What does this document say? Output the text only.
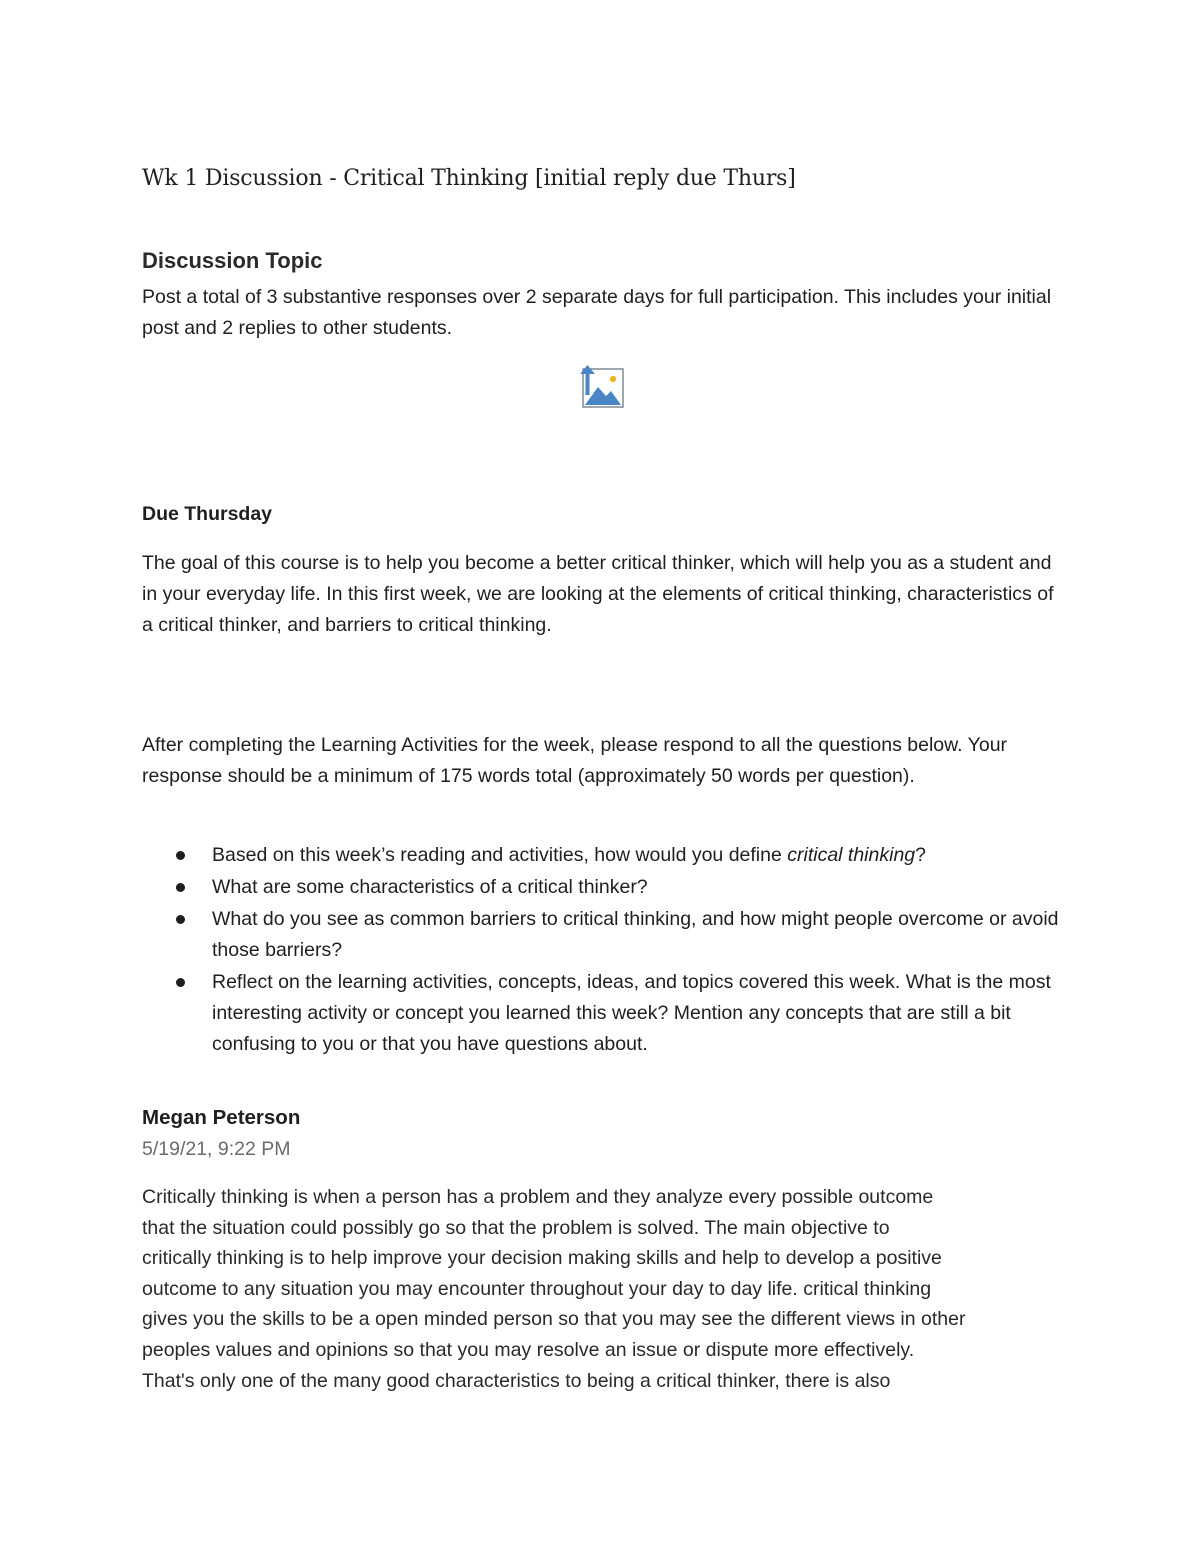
Wk 1 Discussion - Critical Thinking [initial reply due Thurs]
Discussion Topic
Post a total of 3 substantive responses over 2 separate days for full participation. This includes your initial post and 2 replies to other students.
Due Thursday
The goal of this course is to help you become a better critical thinker, which will help you as a student and in your everyday life. In this first week, we are looking at the elements of critical thinking, characteristics of a critical thinker, and barriers to critical thinking.
After completing the Learning Activities for the week, please respond to all the questions below. Your response should be a minimum of 175 words total (approximately 50 words per question).
Based on this week’s reading and activities, how would you define critical thinking?
What are some characteristics of a critical thinker?
What do you see as common barriers to critical thinking, and how might people overcome or avoid those barriers?
Reflect on the learning activities, concepts, ideas, and topics covered this week. What is the most interesting activity or concept you learned this week? Mention any concepts that are still a bit confusing to you or that you have questions about.
Megan Peterson
5/19/21, 9:22 PM
Critically thinking is when a person has a problem and they analyze every possible outcome
that the situation could possibly go so that the problem is solved. The main objective to
critically thinking is to help improve your decision making skills and help to develop a positive
outcome to any situation you may encounter throughout your day to day life. critical thinking
gives you the skills to be a open minded person so that you may see the different views in other
peoples values and opinions so that you may resolve an issue or dispute more effectively.
That's only one of the many good characteristics to being a critical thinker, there is also
